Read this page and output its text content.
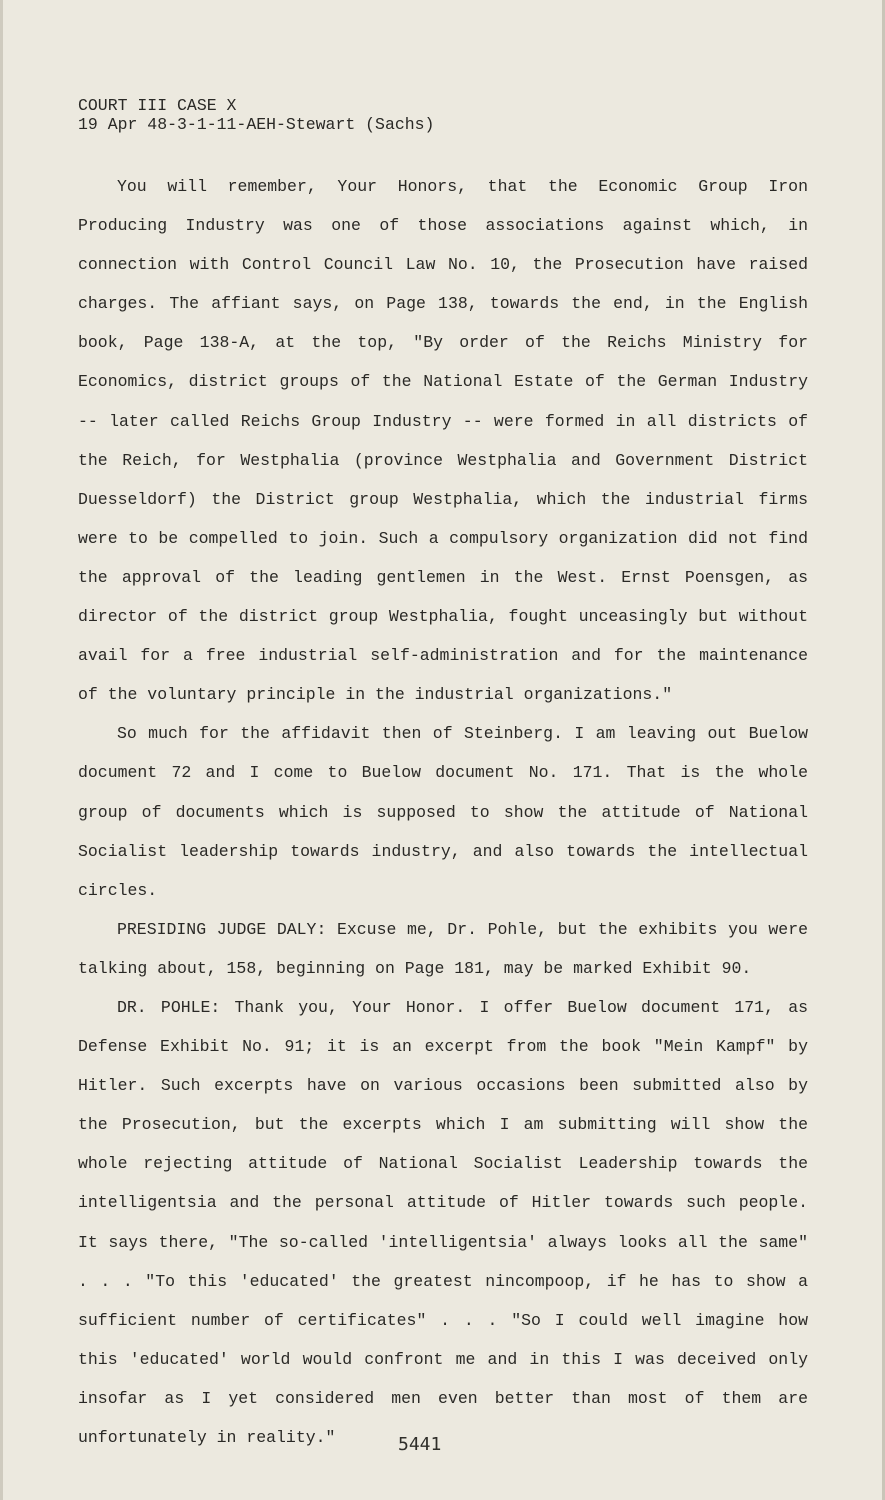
COURT III CASE X
19 Apr 48-3-1-11-AEH-Stewart (Sachs)

You will remember, Your Honors, that the Economic Group Iron Producing Industry was one of those associations against which, in connection with Control Council Law No. 10, the Prosecution have raised charges. The affiant says, on Page 138, towards the end, in the English book, Page 138-A, at the top, "By order of the Reichs Ministry for Economics, district groups of the National Estate of the German Industry -- later called Reichs Group Industry -- were formed in all districts of the Reich, for Westphalia (province Westphalia and Government District Duesseldorf) the District group Westphalia, which the industrial firms were to be compelled to join. Such a compulsory organization did not find the approval of the leading gentlemen in the West. Ernst Poensgen, as director of the district group Westphalia, fought unceasingly but without avail for a free industrial self-administration and for the maintenance of the voluntary principle in the industrial organizations."

So much for the affidavit then of Steinberg. I am leaving out Buelow document 72 and I come to Buelow document No. 171. That is the whole group of documents which is supposed to show the attitude of National Socialist leadership towards industry, and also towards the intellectual circles.

PRESIDING JUDGE DALY: Excuse me, Dr. Pohle, but the exhibits you were talking about, 158, beginning on Page 181, may be marked Exhibit 90.

DR. POHLE: Thank you, Your Honor. I offer Buelow document 171, as Defense Exhibit No. 91; it is an excerpt from the book "Mein Kampf" by Hitler. Such excerpts have on various occasions been submitted also by the Prosecution, but the excerpts which I am submitting will show the whole rejecting attitude of National Socialist Leadership towards the intelligentsia and the personal attitude of Hitler towards such people. It says there, "The so-called 'intelligentsia' always looks all the same" . . . "To this 'educated' the greatest nincompoop, if he has to show a sufficient number of certificates" . . . "So I could well imagine how this 'educated' world would confront me and in this I was deceived only insofar as I yet considered men even better than most of them are unfortunately in reality."	5441
